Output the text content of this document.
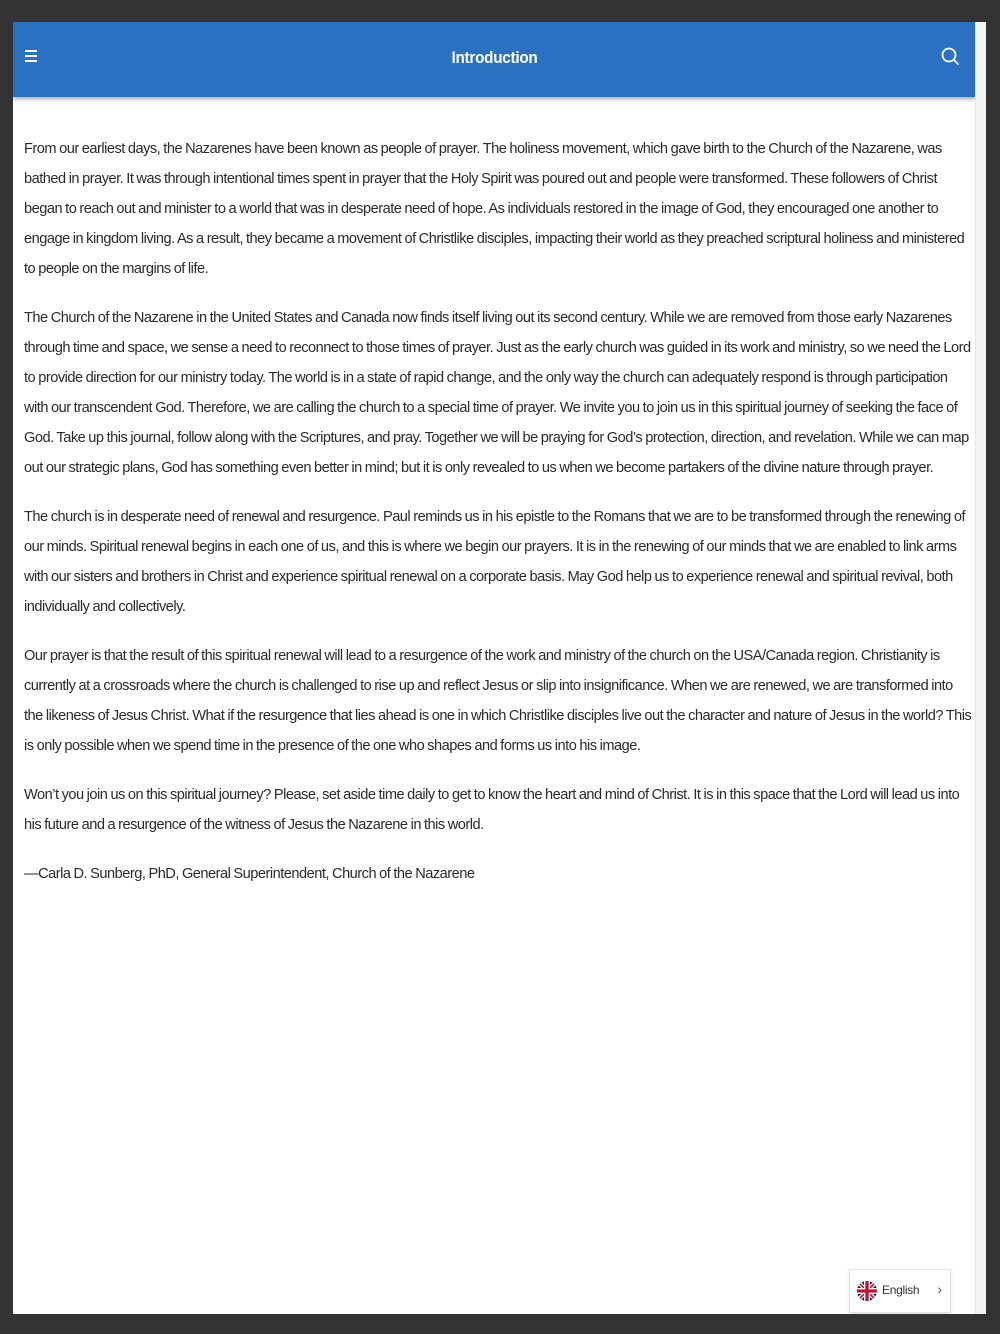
Introduction

From our earliest days, the Nazarenes have been known as people of prayer. The holiness movement, which gave birth to the Church of the Nazarene, was bathed in prayer. It was through intentional times spent in prayer that the Holy Spirit was poured out and people were transformed. These followers of Christ began to reach out and minister to a world that was in desperate need of hope. As individuals restored in the image of God, they encouraged one another to engage in kingdom living. As a result, they became a movement of Christlike disciples, impacting their world as they preached scriptural holiness and ministered to people on the margins of life.

The Church of the Nazarene in the United States and Canada now finds itself living out its second century. While we are removed from those early Nazarenes through time and space, we sense a need to reconnect to those times of prayer. Just as the early church was guided in its work and ministry, so we need the Lord to provide direction for our ministry today. The world is in a state of rapid change, and the only way the church can adequately respond is through participation with our transcendent God. Therefore, we are calling the church to a special time of prayer. We invite you to join us in this spiritual journey of seeking the face of God. Take up this journal, follow along with the Scriptures, and pray. Together we will be praying for God’s protection, direction, and revelation. While we can map out our strategic plans, God has something even better in mind; but it is only revealed to us when we become partakers of the divine nature through prayer.

The church is in desperate need of renewal and resurgence. Paul reminds us in his epistle to the Romans that we are to be transformed through the renewing of our minds. Spiritual renewal begins in each one of us, and this is where we begin our prayers. It is in the renewing of our minds that we are enabled to link arms with our sisters and brothers in Christ and experience spiritual renewal on a corporate basis. May God help us to experience renewal and spiritual revival, both individually and collectively.

Our prayer is that the result of this spiritual renewal will lead to a resurgence of the work and ministry of the church on the USA/Canada region. Christianity is currently at a crossroads where the church is challenged to rise up and reflect Jesus or slip into insignificance. When we are renewed, we are transformed into the likeness of Jesus Christ. What if the resurgence that lies ahead is one in which Christlike disciples live out the character and nature of Jesus in the world? This is only possible when we spend time in the presence of the one who shapes and forms us into his image.

Won’t you join us on this spiritual journey? Please, set aside time daily to get to know the heart and mind of Christ. It is in this space that the Lord will lead us into his future and a resurgence of the witness of Jesus the Nazarene in this world.

—Carla D. Sunberg, PhD, General Superintendent, Church of the Nazarene

English ›
